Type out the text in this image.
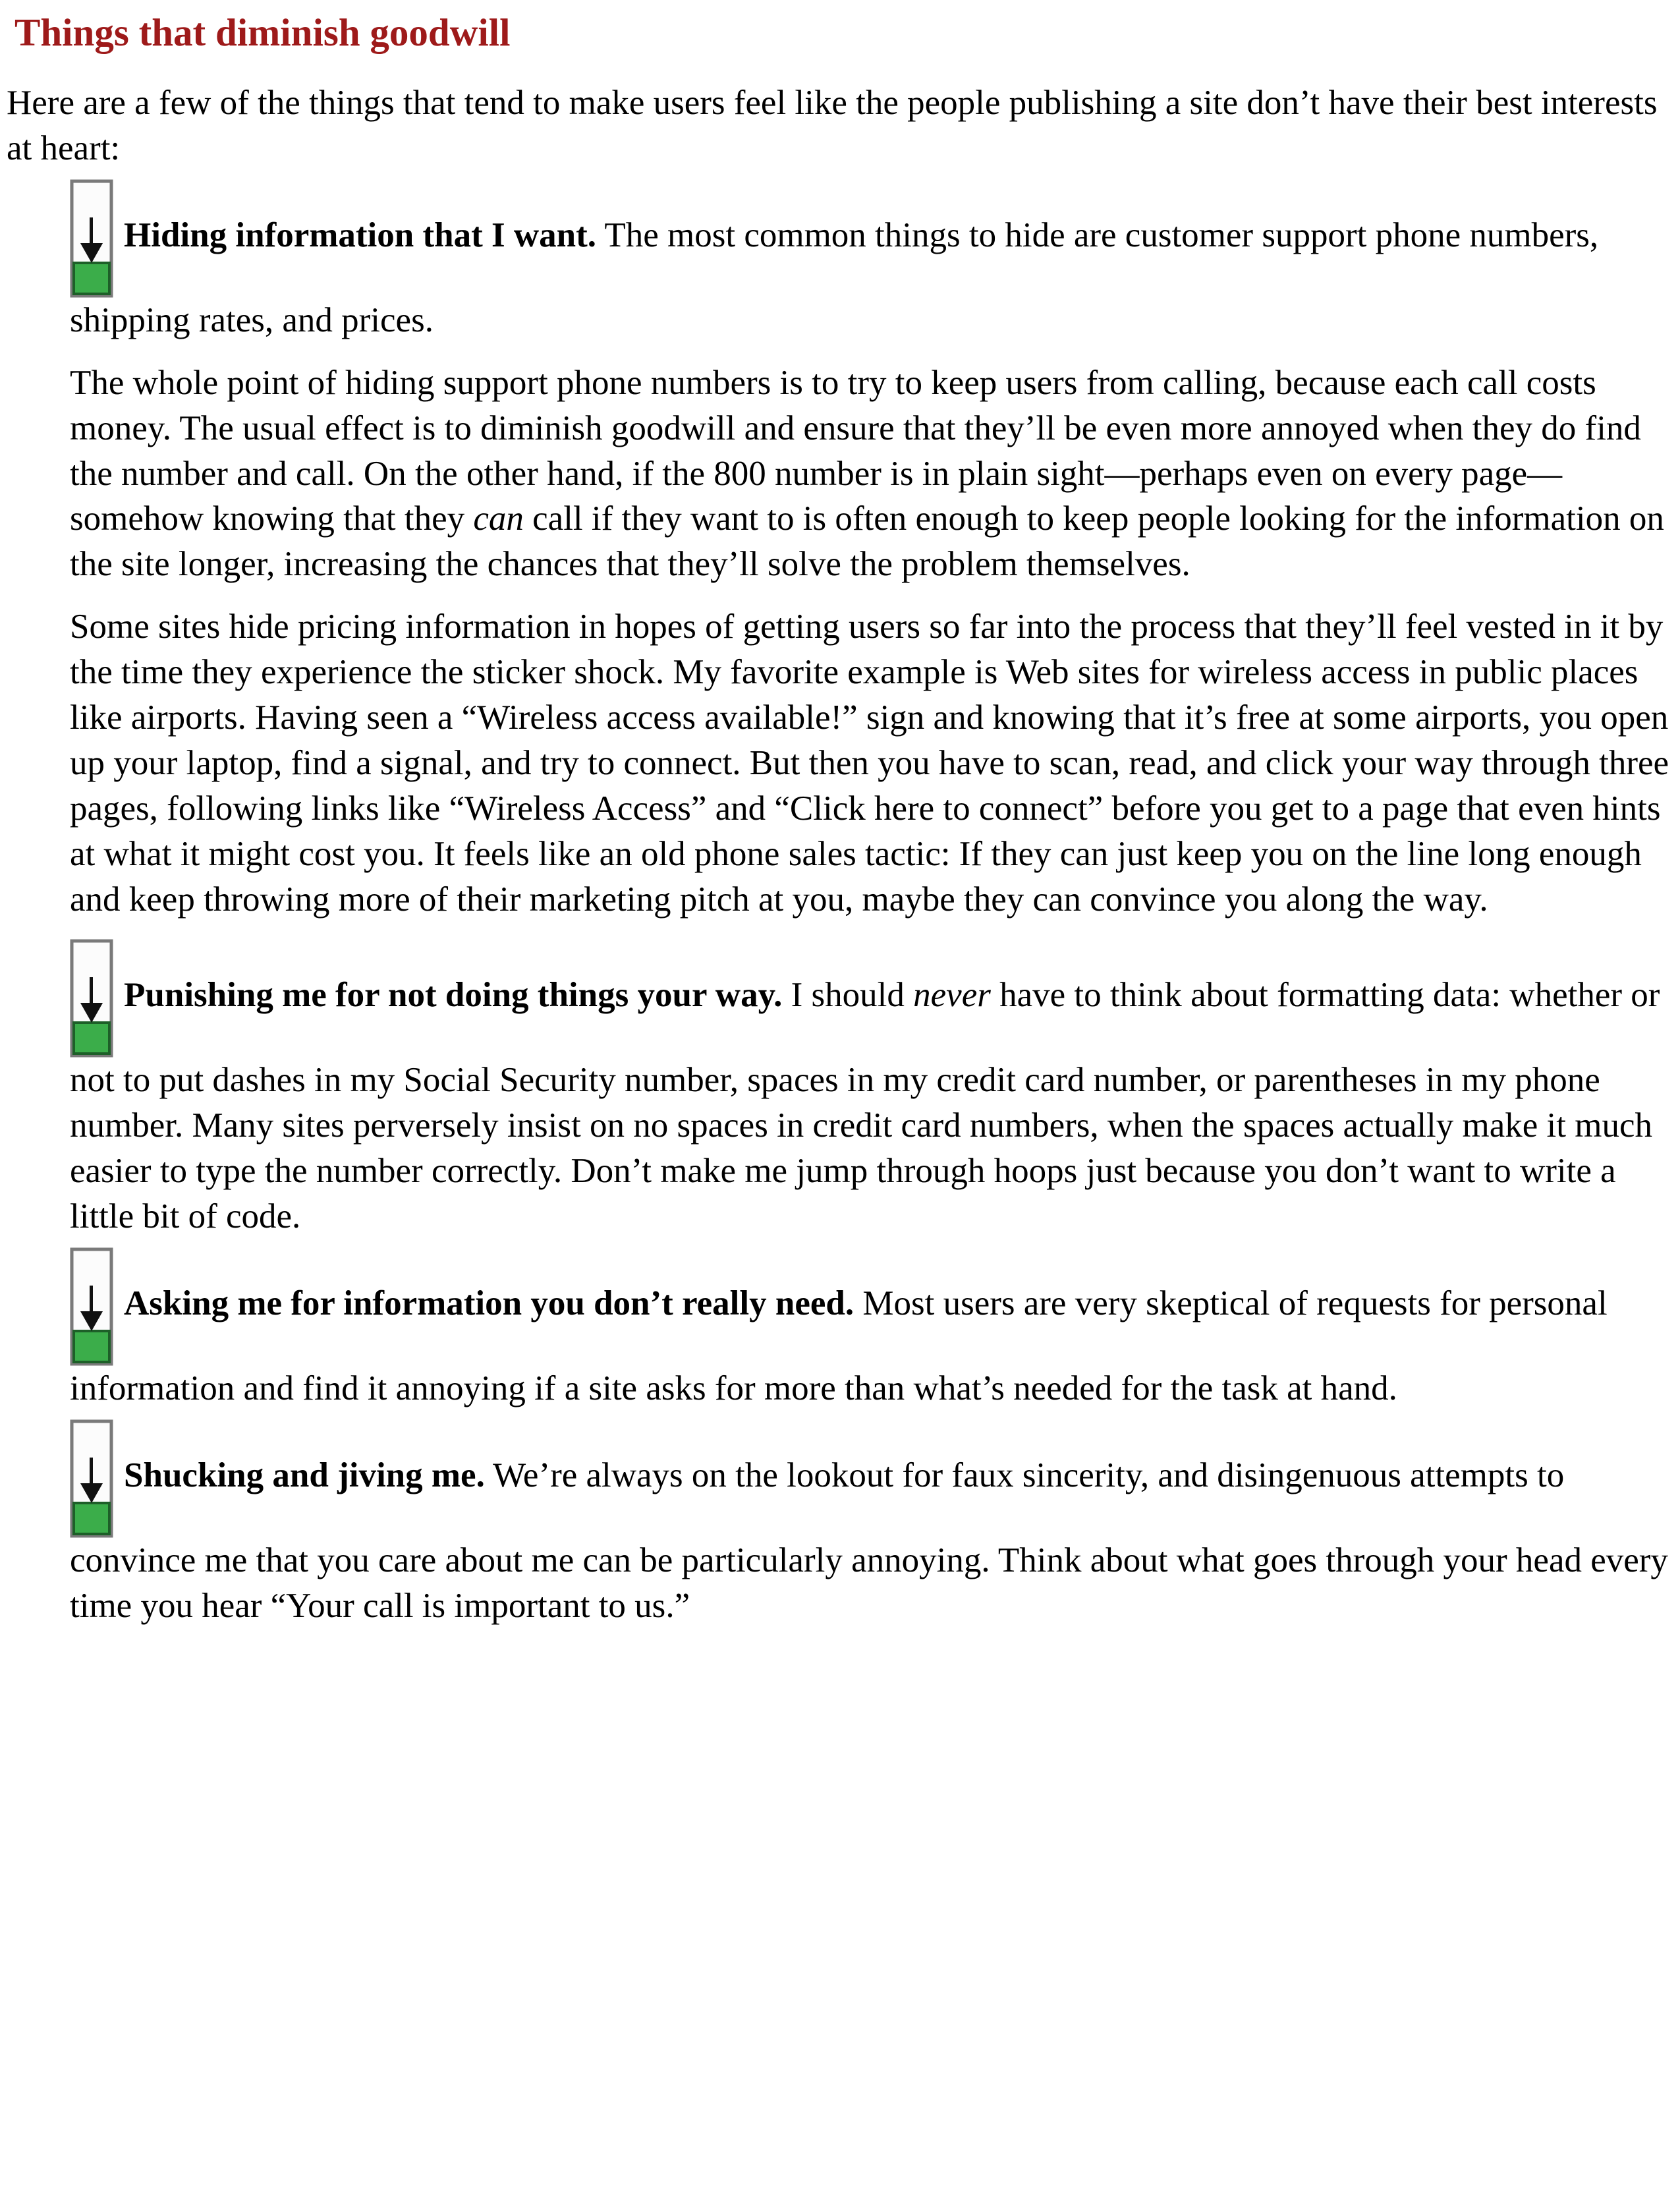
Things that diminish goodwill

Here are a few of the things that tend to make users feel like the people publishing a site don’t have their best interests at heart:

Hiding information that I want. The most common things to hide are customer support phone numbers, shipping rates, and prices.

The whole point of hiding support phone numbers is to try to keep users from calling, because each call costs money. The usual effect is to diminish goodwill and ensure that they’ll be even more annoyed when they do find the number and call. On the other hand, if the 800 number is in plain sight—perhaps even on every page—somehow knowing that they can call if they want to is often enough to keep people looking for the information on the site longer, increasing the chances that they’ll solve the problem themselves.

Some sites hide pricing information in hopes of getting users so far into the process that they’ll feel vested in it by the time they experience the sticker shock. My favorite example is Web sites for wireless access in public places like airports. Having seen a “Wireless access available!” sign and knowing that it’s free at some airports, you open up your laptop, find a signal, and try to connect. But then you have to scan, read, and click your way through three pages, following links like “Wireless Access” and “Click here to connect” before you get to a page that even hints at what it might cost you. It feels like an old phone sales tactic: If they can just keep you on the line long enough and keep throwing more of their marketing pitch at you, maybe they can convince you along the way.

Punishing me for not doing things your way. I should never have to think about formatting data: whether or not to put dashes in my Social Security number, spaces in my credit card number, or parentheses in my phone number. Many sites perversely insist on no spaces in credit card numbers, when the spaces actually make it much easier to type the number correctly. Don’t make me jump through hoops just because you don’t want to write a little bit of code.

Asking me for information you don’t really need. Most users are very skeptical of requests for personal information and find it annoying if a site asks for more than what’s needed for the task at hand.

Shucking and jiving me. We’re always on the lookout for faux sincerity, and disingenuous attempts to convince me that you care about me can be particularly annoying. Think about what goes through your head every time you hear “Your call is important to us.”
